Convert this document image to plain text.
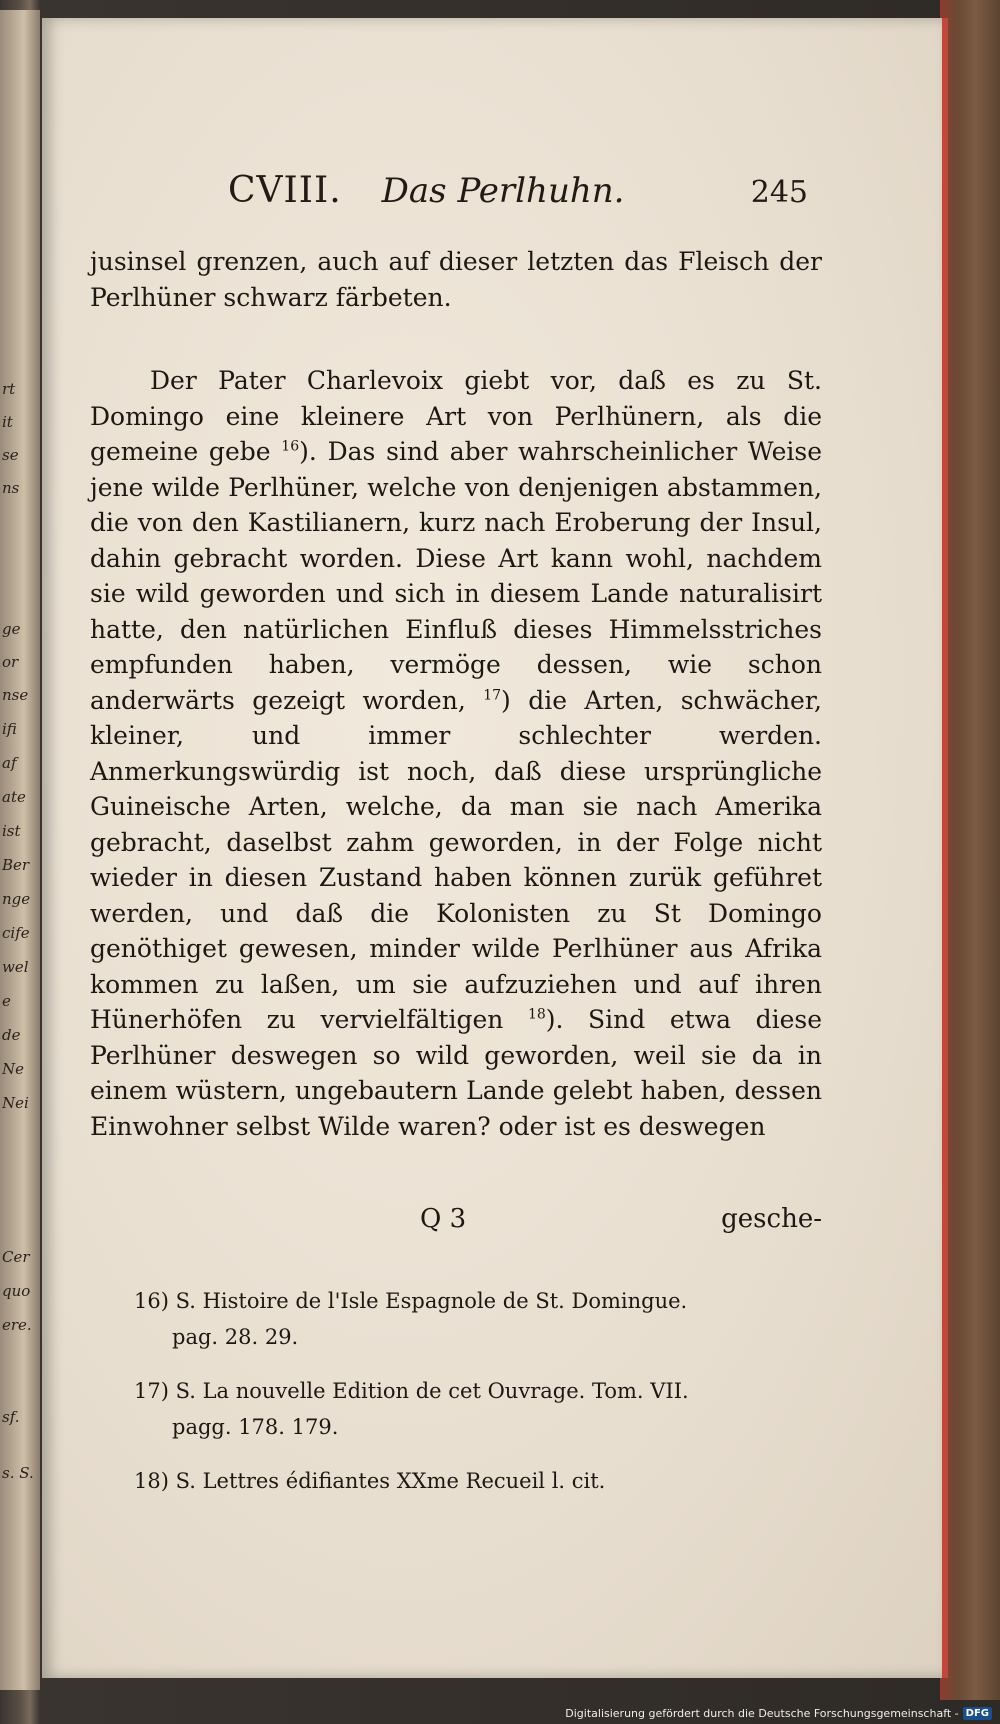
rt
it
se
ns
ge
or
nse
ifi
af
ate
ist
Ber
nge
cife
wel
e
de
Ne
Nei
Cer
quo
ere.
sf.
s. S.
CVIII. Das Perlhuhn.	245

jusinsel grenzen, auch auf dieser letzten das Fleisch der Perlhüner schwarz färbeten.

Der Pater Charlevoix giebt vor, daß es zu St. Domingo eine kleinere Art von Perlhünern, als die gemeine gebe $^{16}$). Das sind aber wahrscheinlicher Weise jene wilde Perlhüner, welche von denjenigen abstammen, die von den Kastilianern, kurz nach Eroberung der Insul, dahin gebracht worden. Diese Art kann wohl, nachdem sie wild geworden und sich in diesem Lande naturalisirt hatte, den natürlichen Einfluß dieses Himmelsstriches empfunden haben, vermöge dessen, wie schon anderwärts gezeigt worden, $^{17}$) die Arten, schwächer, kleiner, und immer schlechter werden. Anmerkungswürdig ist noch, daß diese ursprüngliche Guineische Arten, welche, da man sie nach Amerika gebracht, daselbst zahm geworden, in der Folge nicht wieder in diesen Zustand haben können zurük geführet werden, und daß die Kolonisten zu St Domingo genöthiget gewesen, minder wilde Perlhüner aus Afrika kommen zu laßen, um sie aufzuziehen und auf ihren Hünerhöfen zu vervielfältigen $^{18}$). Sind etwa diese Perlhüner deswegen so wild geworden, weil sie da in einem wüstern, ungebautern Lande gelebt haben, dessen Einwohner selbst Wilde waren? oder ist es deswegen

Q 3	gesche-
16) S. Histoire de l'Isle Espagnole de St. Domingue.
pag. 28. 29.
17) S. La nouvelle Edition de cet Ouvrage. Tom. VII.
pagg. 178. 179.
18) S. Lettres édifiantes XXme Recueil l. cit.
Digitalisierung gefördert durch die Deutsche Forschungsgemeinschaft - DFG
